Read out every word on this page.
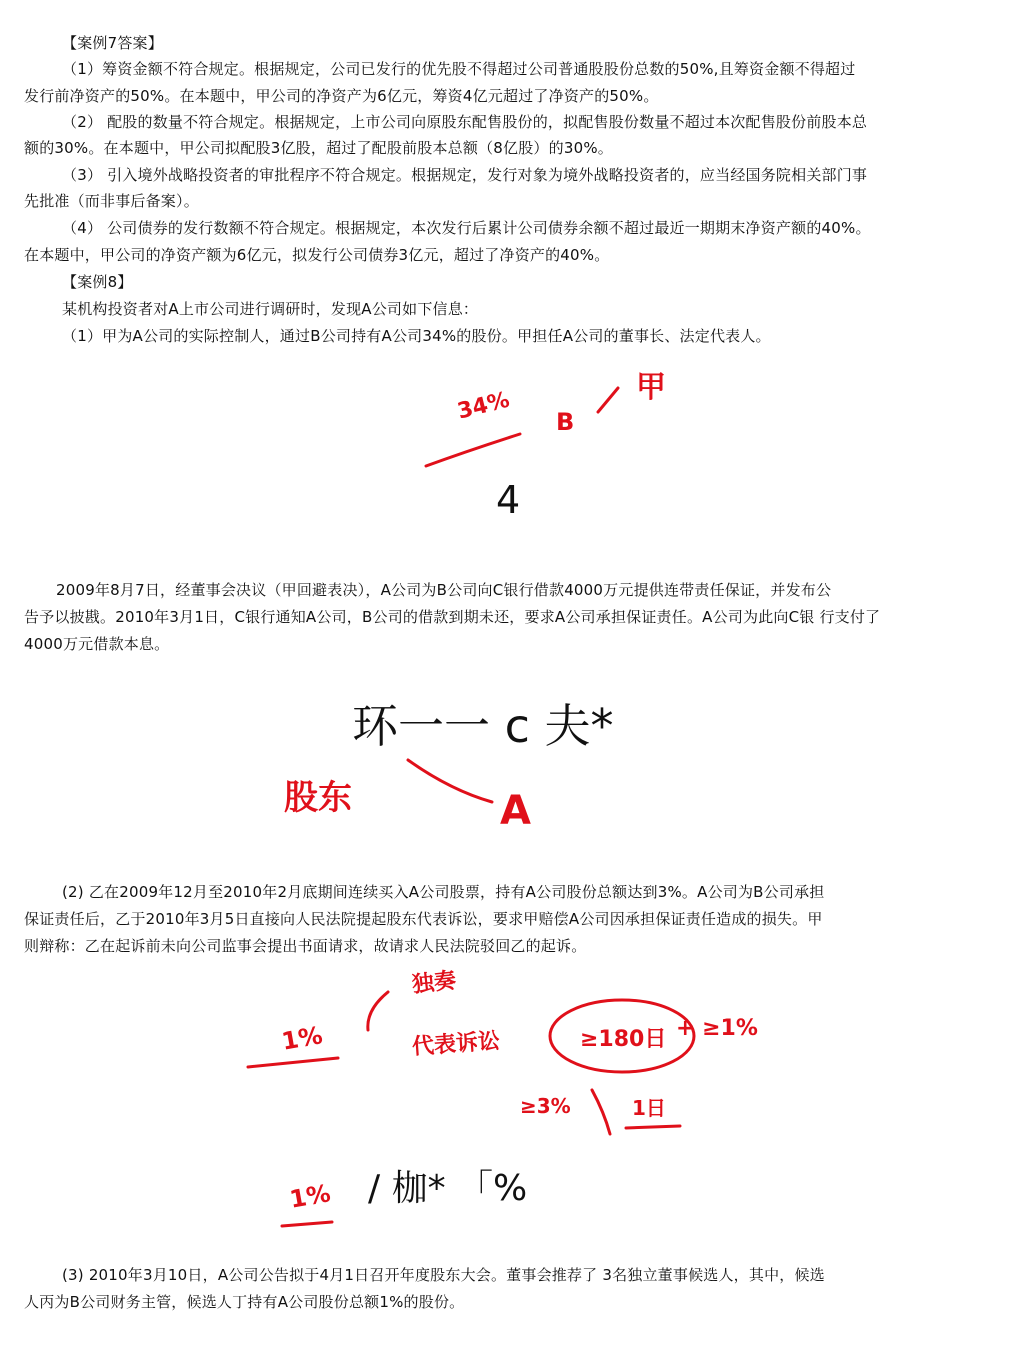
【案例7答案】
（1）筹资金额不符合规定。根据规定，公司已发行的优先股不得超过公司普通股股份总数的50%,且筹资金额不得超过
发行前净资产的50%。在本题中，甲公司的净资产为6亿元，筹资4亿元超过了净资产的50%。
（2） 配股的数量不符合规定。根据规定，上市公司向原股东配售股份的，拟配售股份数量不超过本次配售股份前股本总
额的30%。在本题中，甲公司拟配股3亿股，超过了配股前股本总额（8亿股）的30%。
（3） 引入境外战略投资者的审批程序不符合规定。根据规定，发行对象为境外战略投资者的，应当经国务院相关部门事
先批准（而非事后备案）。
（4） 公司债券的发行数额不符合规定。根据规定，本次发行后累计公司债券余额不超过最近一期期末净资产额的40%。
在本题中，甲公司的净资产额为6亿元，拟发行公司债券3亿元，超过了净资产的40%。
【案例8】
某机构投资者对A上市公司进行调研时，发现A公司如下信息：
（1）甲为A公司的实际控制人，通过B公司持有A公司34%的股份。甲担任A公司的董事长、法定代表人。
34% B
甲
4
2009年8月7日，经董事会决议（甲回避表决），A公司为B公司向C银行借款4000万元提供连带责任保证，并发布公
告予以披戡。2010年3月1日，C银行通知A公司，B公司的借款到期未还，要求A公司承担保证责任。A公司为此向C银 行支付了
4000万元借款本息。
环一一 c 夫*
股东	A
(2) 乙在2009年12月至2010年2月底期间连续买入A公司股票，持有A公司股份总额达到3%。A公司为B公司承担
保证责任后，乙于2010年3月5日直接向人民法院提起股东代表诉讼，要求甲赔偿A公司因承担保证责任造成的损失。甲
则辩称：乙在起诉前未向公司监事会提出书面请求，故请求人民法院驳回乙的起诉。
独奏
1%	代表诉讼	≥180日 + ≥1%
≥3%	1日
/ 枷* 「%
1%
(3) 2010年3月10日，A公司公告拟于4月1日召开年度股东大会。董事会推荐了 3名独立董事候选人，其中，候选
人丙为B公司财务主管，候选人丁持有A公司股份总额1%的股份。
